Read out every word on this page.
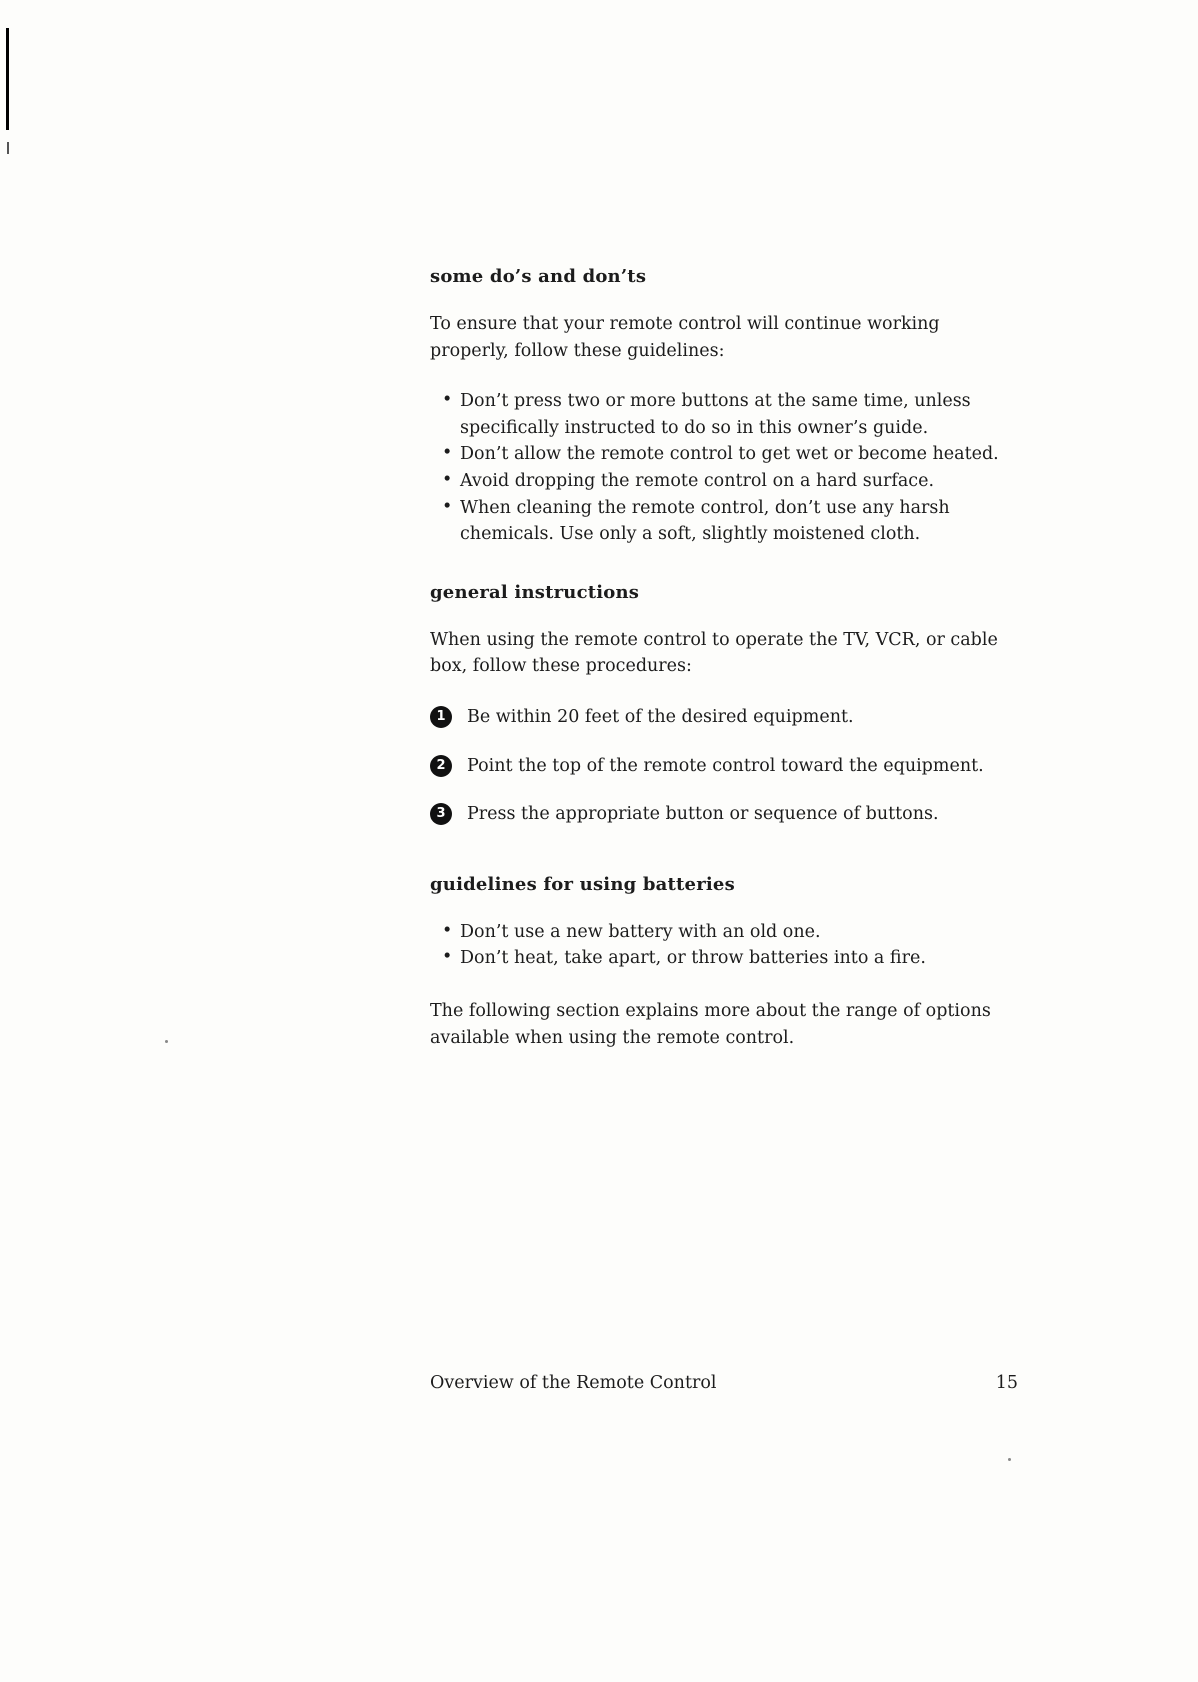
some do’s and don’ts

To ensure that your remote control will continue working properly, follow these guidelines:

• Don’t press two or more buttons at the same time, unless specifically instructed to do so in this owner’s guide.
• Don’t allow the remote control to get wet or become heated.
• Avoid dropping the remote control on a hard surface.
• When cleaning the remote control, don’t use any harsh chemicals. Use only a soft, slightly moistened cloth.
general instructions

When using the remote control to operate the TV, VCR, or cable box, follow these procedures:

1	Be within 20 feet of the desired equipment.
2	Point the top of the remote control toward the equipment.
3	Press the appropriate button or sequence of buttons.
guidelines for using batteries
• Don’t use a new battery with an old one.
• Don’t heat, take apart, or throw batteries into a fire.

The following section explains more about the range of options available when using the remote control.

Overview of the Remote Control	15
